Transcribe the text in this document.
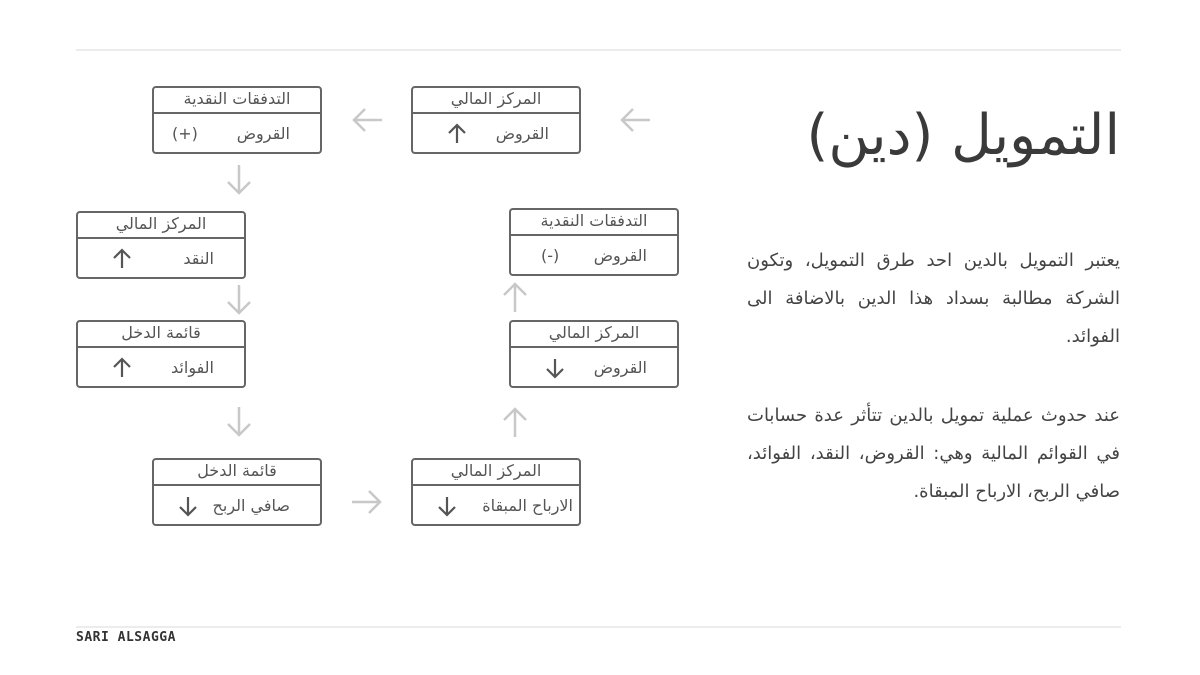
التمويل (دين)

يعتبر التمويل بالدين احد طرق التمويل، وتكون الشركة مطالبة بسداد هذا الدين بالاضافة الى الفوائد.

عند حدوث عملية تمويل بالدين تتأثر عدة حسابات في القوائم المالية وهي: القروض، النقد، الفوائد، صافي الربح، الارباح المبقاة.

المركز المالي
القروض
التدفقات النقدية
القروض
(+)
المركز المالي
النقد
قائمة الدخل
الفوائد
قائمة الدخل
صافي الربح
المركز المالي
الارباح المبقاة
المركز المالي
القروض
التدفقات النقدية
القروض
(-)
SARI ALSAGGA
